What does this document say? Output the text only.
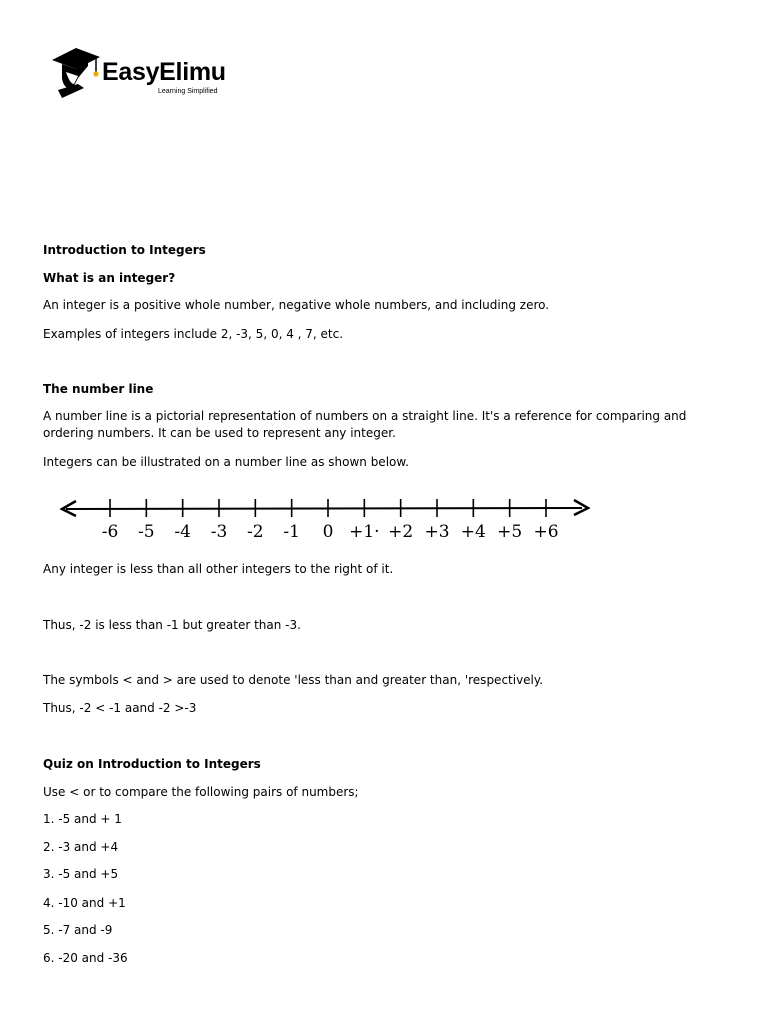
EasyElimu
Learning Simplified

Introduction to Integers

What is an integer?

An integer is a positive whole number, negative whole numbers, and including zero.

Examples of integers include 2, -3, 5, 0, 4 , 7, etc.

The number line

A number line is a pictorial representation of numbers on a straight line. It's a reference for comparing and ordering numbers. It can be used to represent any integer.

Integers can be illustrated on a number line as shown below.

-6 -5 -4 -3 -2 -1 0 +1· +2 +3 +4 +5 +6

Any integer is less than all other integers to the right of it.

Thus, -2 is less than -1 but greater than -3.

The symbols < and > are used to denote 'less than and greater than, 'respectively.

Thus, -2 < -1 aand -2 >-3

Quiz on Introduction to Integers

Use < or to compare the following pairs of numbers;

1. -5 and + 1

2. -3 and +4

3. -5 and +5

4. -10 and +1

5. -7 and -9

6. -20 and -36
